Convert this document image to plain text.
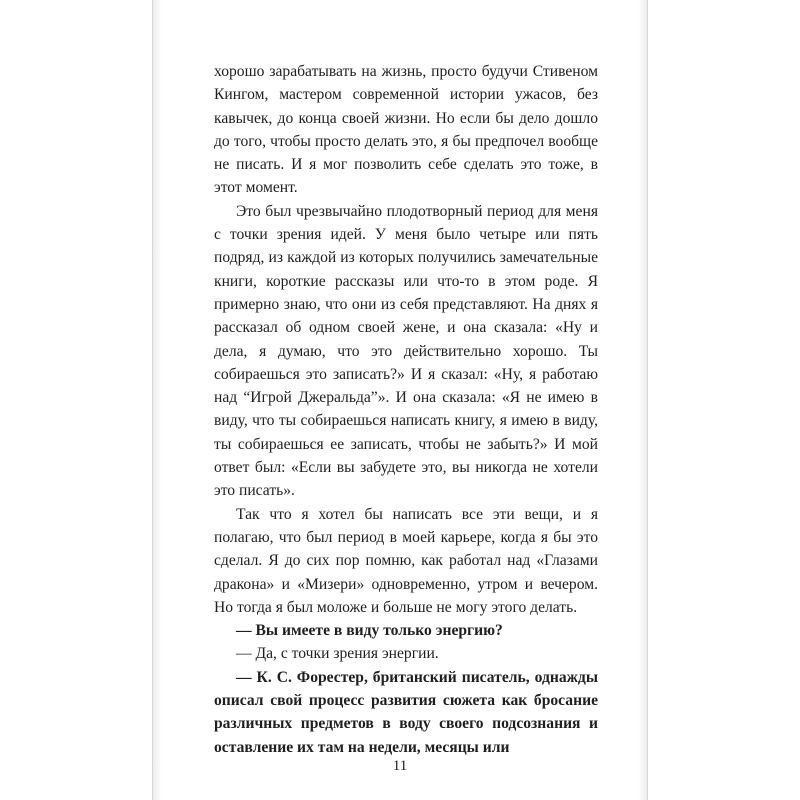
хорошо зарабатывать на жизнь, просто будучи Стивеном Кингом, мастером современной истории ужасов, без кавычек, до конца своей жизни. Но если бы дело дошло до того, чтобы просто делать это, я бы предпочел вообще не писать. И я мог позволить себе сделать это тоже, в этот момент.

Это был чрезвычайно плодотворный период для меня с точки зрения идей. У меня было четыре или пять подряд, из каждой из которых получились замечательные книги, короткие рассказы или что-то в этом роде. Я примерно знаю, что они из себя представляют. На днях я рассказал об одном своей жене, и она сказала: «Ну и дела, я думаю, что это действительно хорошо. Ты собираешься это записать?» И я сказал: «Ну, я работаю над “Игрой Джеральда”». И она сказала: «Я не имею в виду, что ты собираешься написать книгу, я имею в виду, ты собираешься ее записать, чтобы не забыть?» И мой ответ был: «Если вы забудете это, вы никогда не хотели это писать».

Так что я хотел бы написать все эти вещи, и я полагаю, что был период в моей карьере, когда я бы это сделал. Я до сих пор помню, как работал над «Глазами дракона» и «Мизери» одновременно, утром и вечером. Но тогда я был моложе и больше не могу этого делать.

— Вы имеете в виду только энергию?

— Да, с точки зрения энергии.

— К. С. Форестер, британский писатель, однажды описал свой процесс развития сюжета как бросание различных предметов в воду своего подсознания и оставление их там на недели, месяцы или

11
